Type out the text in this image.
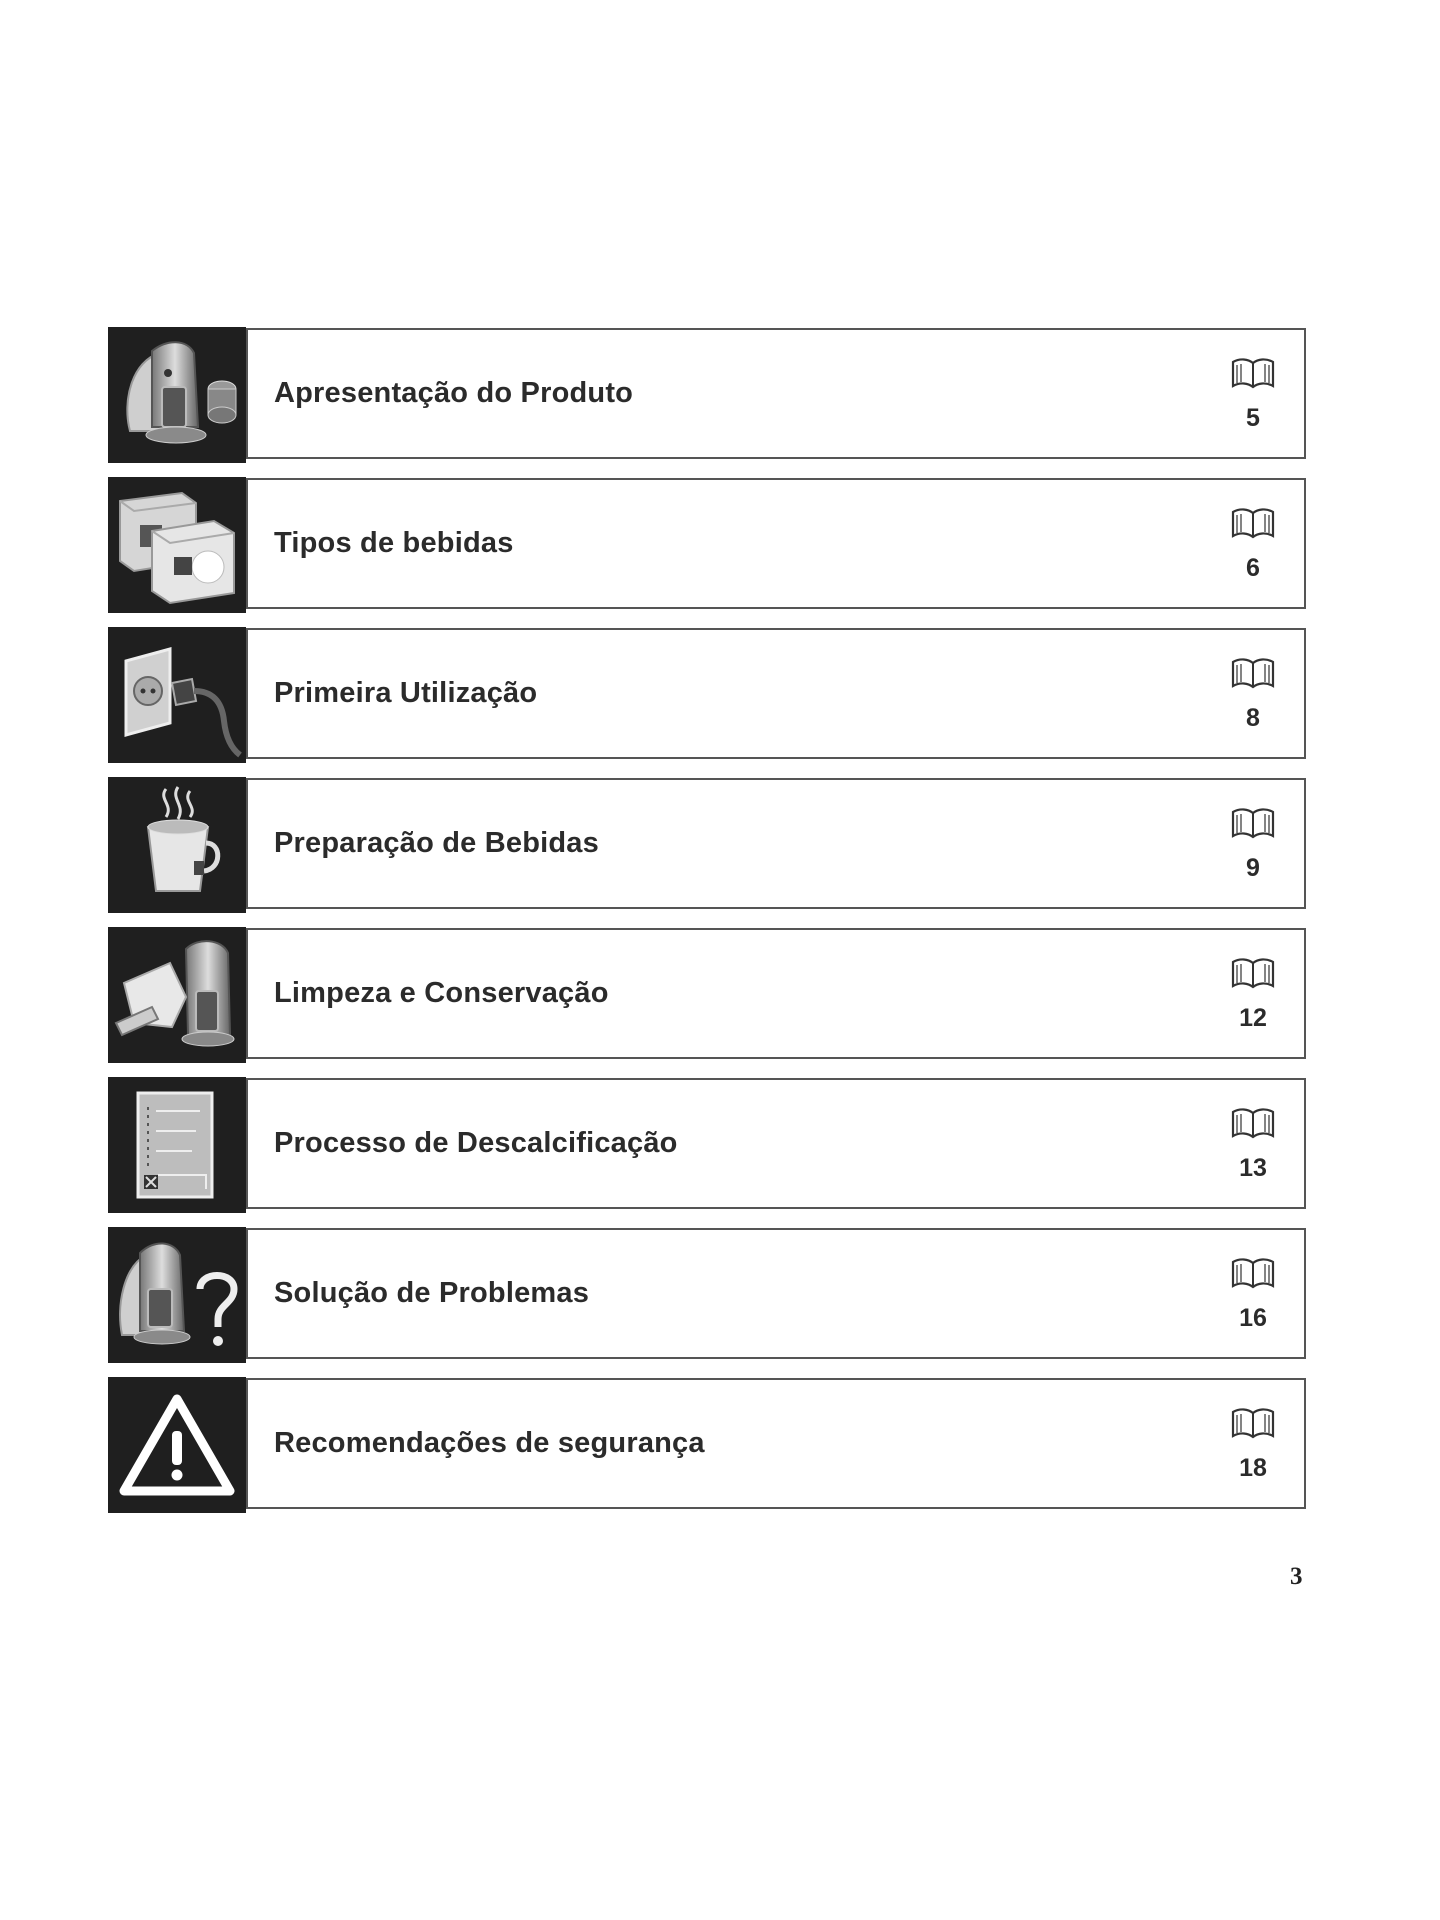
Apresentação do Produto
5
Tipos de bebidas
6
Primeira Utilização
8
Preparação de Bebidas
9
Limpeza e Conservação
12
Processo de Descalcificação
13
Solução de Problemas
16
Recomendações de segurança
18
3
